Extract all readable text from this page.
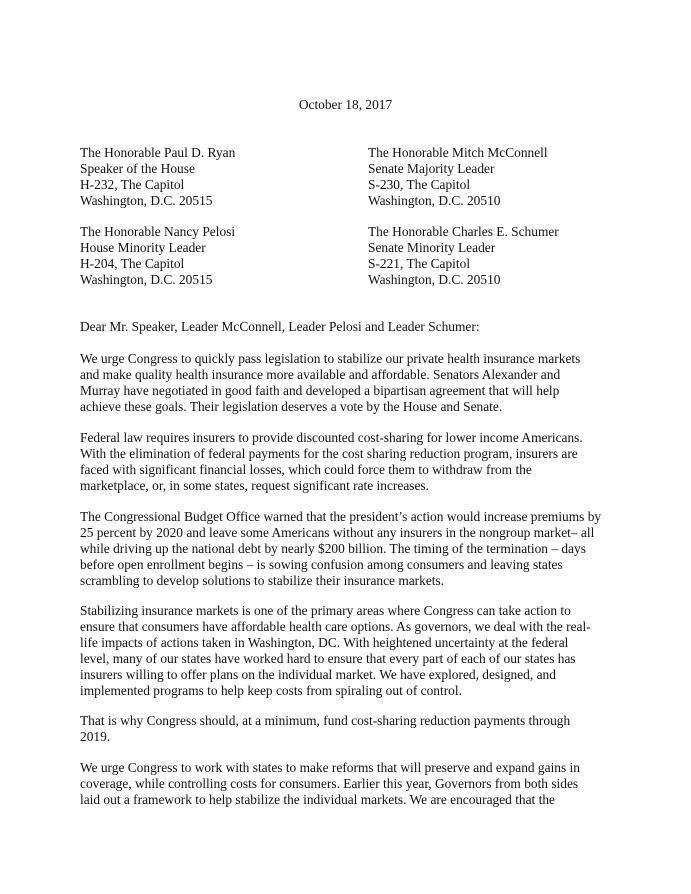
October 18, 2017
The Honorable Paul D. Ryan
Speaker of the House
H-232, The Capitol
Washington, D.C. 20515
The Honorable Mitch McConnell
Senate Majority Leader
S-230, The Capitol
Washington, D.C. 20510
The Honorable Nancy Pelosi
House Minority Leader
H-204, The Capitol
Washington, D.C. 20515
The Honorable Charles E. Schumer
Senate Minority Leader
S-221, The Capitol
Washington, D.C. 20510
Dear Mr. Speaker, Leader McConnell, Leader Pelosi and Leader Schumer:
We urge Congress to quickly pass legislation to stabilize our private health insurance markets
and make quality health insurance more available and affordable. Senators Alexander and
Murray have negotiated in good faith and developed a bipartisan agreement that will help
achieve these goals. Their legislation deserves a vote by the House and Senate.
Federal law requires insurers to provide discounted cost-sharing for lower income Americans.
With the elimination of federal payments for the cost sharing reduction program, insurers are
faced with significant financial losses, which could force them to withdraw from the
marketplace, or, in some states, request significant rate increases.
The Congressional Budget Office warned that the president’s action would increase premiums by
25 percent by 2020 and leave some Americans without any insurers in the nongroup market– all
while driving up the national debt by nearly $200 billion. The timing of the termination – days
before open enrollment begins – is sowing confusion among consumers and leaving states
scrambling to develop solutions to stabilize their insurance markets.
Stabilizing insurance markets is one of the primary areas where Congress can take action to
ensure that consumers have affordable health care options. As governors, we deal with the real-
life impacts of actions taken in Washington, DC. With heightened uncertainty at the federal
level, many of our states have worked hard to ensure that every part of each of our states has
insurers willing to offer plans on the individual market. We have explored, designed, and
implemented programs to help keep costs from spiraling out of control.
That is why Congress should, at a minimum, fund cost-sharing reduction payments through
2019.
We urge Congress to work with states to make reforms that will preserve and expand gains in
coverage, while controlling costs for consumers. Earlier this year, Governors from both sides
laid out a framework to help stabilize the individual markets. We are encouraged that the
